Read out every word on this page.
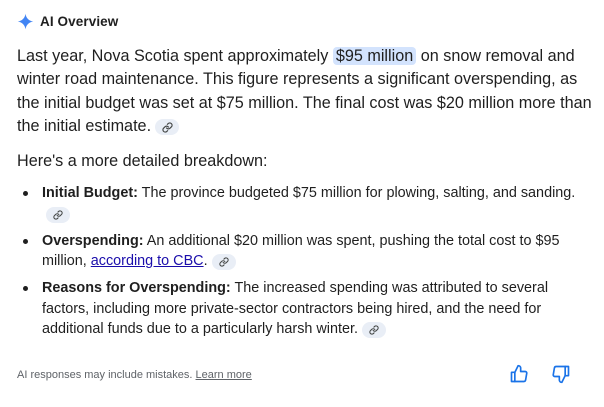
AI Overview

Last year, Nova Scotia spent approximately $95 million on snow removal and winter road maintenance. This figure represents a significant overspending, as the initial budget was set at $75 million. The final cost was $20 million more than the initial estimate.

Here's a more detailed breakdown:
Initial Budget: The province budgeted $75 million for plowing, salting, and sanding.
Overspending: An additional $20 million was spent, pushing the total cost to $95 million, according to CBC.
Reasons for Overspending: The increased spending was attributed to several factors, including more private-sector contractors being hired, and the need for additional funds due to a particularly harsh winter.
AI responses may include mistakes. Learn more
